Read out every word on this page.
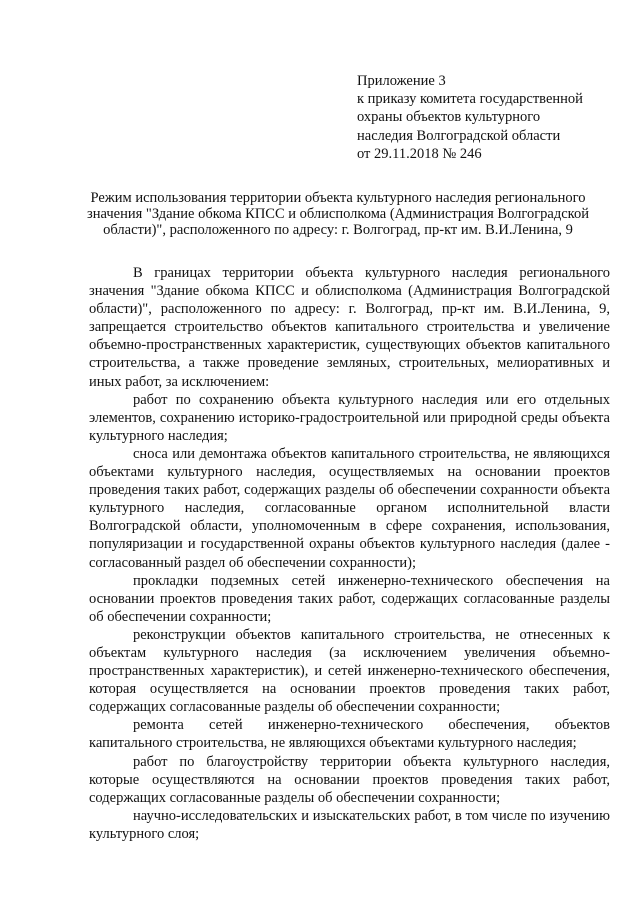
Приложение 3
к приказу комитета государственной
охраны объектов культурного
наследия Волгоградской области
от 29.11.2018 № 246
Режим использования территории объекта культурного наследия регионального значения "Здание обкома КПСС и облисполкома (Администрация Волгоградской области)", расположенного по адресу: г. Волгоград, пр-кт им. В.И.Ленина, 9

В границах территории объекта культурного наследия регионального значения "Здание обкома КПСС и облисполкома (Администрация Волгоградской области)", расположенного по адресу: г. Волгоград, пр-кт им. В.И.Ленина, 9, запрещается строительство объектов капитального строительства и увеличение объемно-пространственных характеристик, существующих объектов капитального строительства, а также проведение земляных, строительных, мелиоративных и иных работ, за исключением:

работ по сохранению объекта культурного наследия или его отдельных элементов, сохранению историко-градостроительной или природной среды объекта культурного наследия;

сноса или демонтажа объектов капитального строительства, не являющихся объектами культурного наследия, осуществляемых на основании проектов проведения таких работ, содержащих разделы об обеспечении сохранности объекта культурного наследия, согласованные органом исполнительной власти Волгоградской области, уполномоченным в сфере сохранения, использования, популяризации и государственной охраны объектов культурного наследия (далее - согласованный раздел об обеспечении сохранности);

прокладки подземных сетей инженерно-технического обеспечения на основании проектов проведения таких работ, содержащих согласованные разделы об обеспечении сохранности;

реконструкции объектов капитального строительства, не отнесенных к объектам культурного наследия (за исключением увеличения объемно-пространственных характеристик), и сетей инженерно-технического обеспечения, которая осуществляется на основании проектов проведения таких работ, содержащих согласованные разделы об обеспечении сохранности;

ремонта сетей инженерно-технического обеспечения, объектов капитального строительства, не являющихся объектами культурного наследия;

работ по благоустройству территории объекта культурного наследия, которые осуществляются на основании проектов проведения таких работ, содержащих согласованные разделы об обеспечении сохранности;

научно-исследовательских и изыскательских работ, в том числе по изучению культурного слоя;
